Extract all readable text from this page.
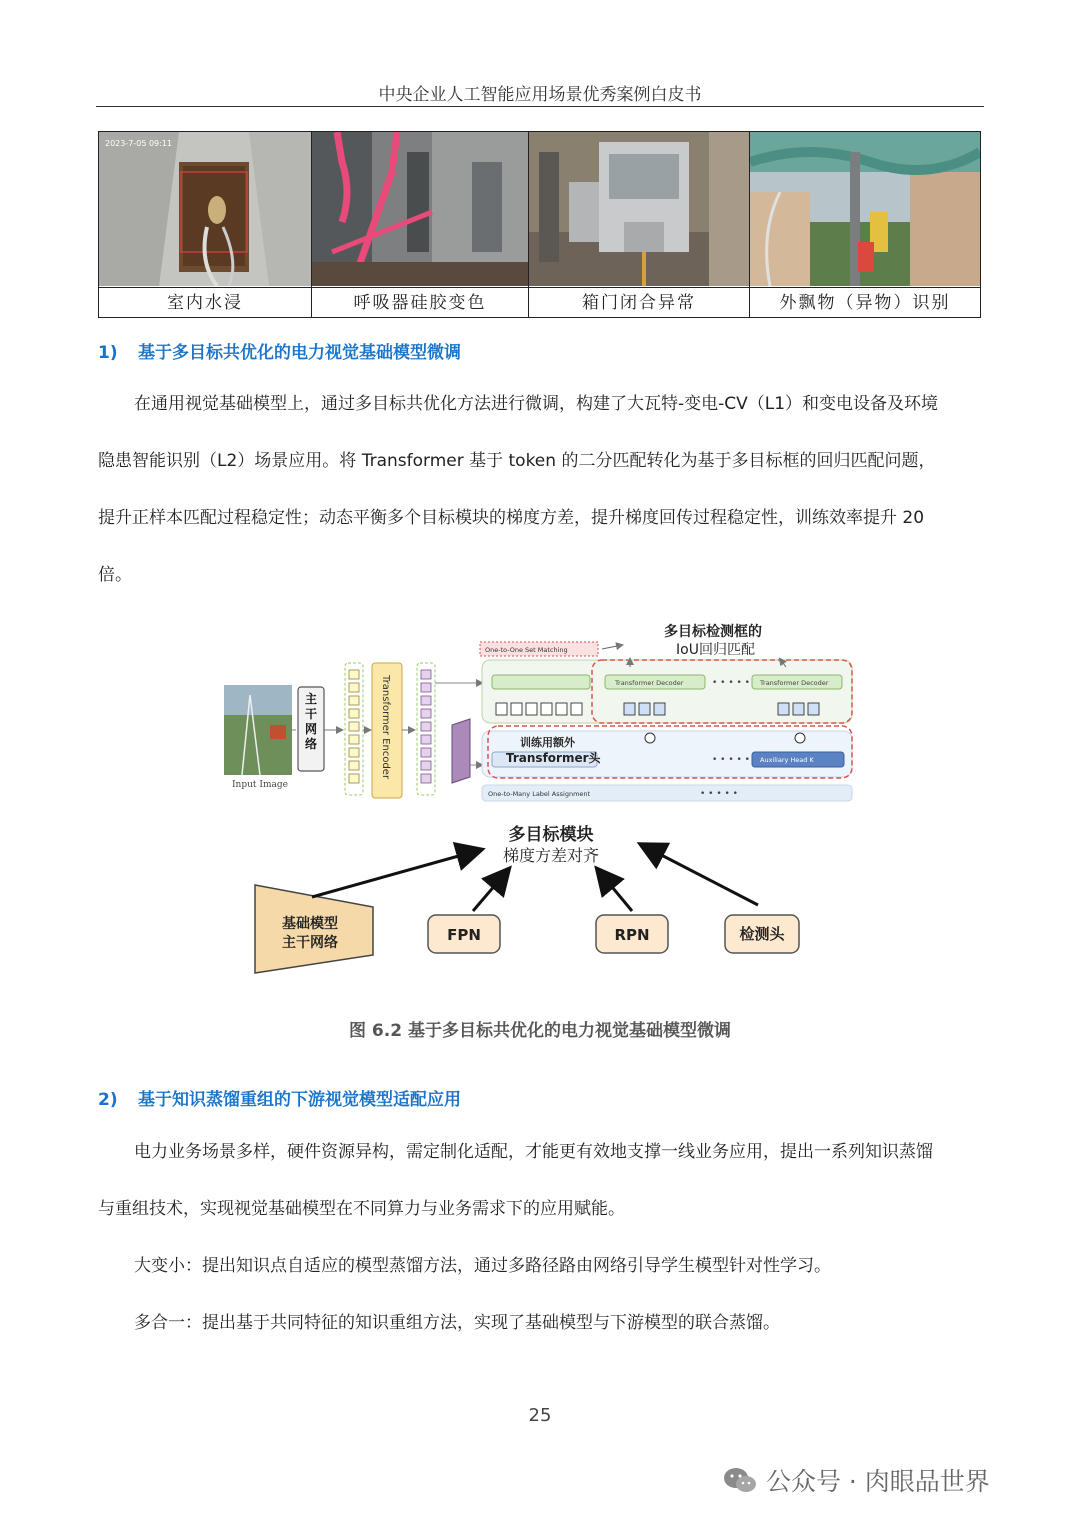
中央企业人工智能应用场景优秀案例白皮书
2023-7-05 09:11
室内水浸	呼吸器硅胶变色	箱门闭合异常	外飘物（异物）识别
1) 基于多目标共优化的电力视觉基础模型微调

在通用视觉基础模型上，通过多目标共优化方法进行微调，构建了大瓦特-变电-CV（L1）和变电设备及环境

隐患智能识别（L2）场景应用。将 Transformer 基于 token 的二分匹配转化为基于多目标框的回归匹配问题，

提升正样本匹配过程稳定性；动态平衡多个目标模块的梯度方差，提升梯度回传过程稳定性，训练效率提升 20

倍。

Input Image
主干网络	Transformer Encoder
One-to-One Set Matching
多目标检测框的
IoU回归匹配
Transformer Decoder	Transformer Decoder
• • • • •
Auxiliary Head K
• • • • •
训练用额外
Transformer头
One-to-Many Label Assignment	• • • • •
多目标模块
梯度方差对齐
基础模型
主干网络	FPN	RPN	检测头
图 6.2 基于多目标共优化的电力视觉基础模型微调
2) 基于知识蒸馏重组的下游视觉模型适配应用

电力业务场景多样，硬件资源异构，需定制化适配，才能更有效地支撑一线业务应用，提出一系列知识蒸馏

与重组技术，实现视觉基础模型在不同算力与业务需求下的应用赋能。

大变小：提出知识点自适应的模型蒸馏方法，通过多路径路由网络引导学生模型针对性学习。

多合一：提出基于共同特征的知识重组方法，实现了基础模型与下游模型的联合蒸馏。

25
公众号 · 肉眼品世界
